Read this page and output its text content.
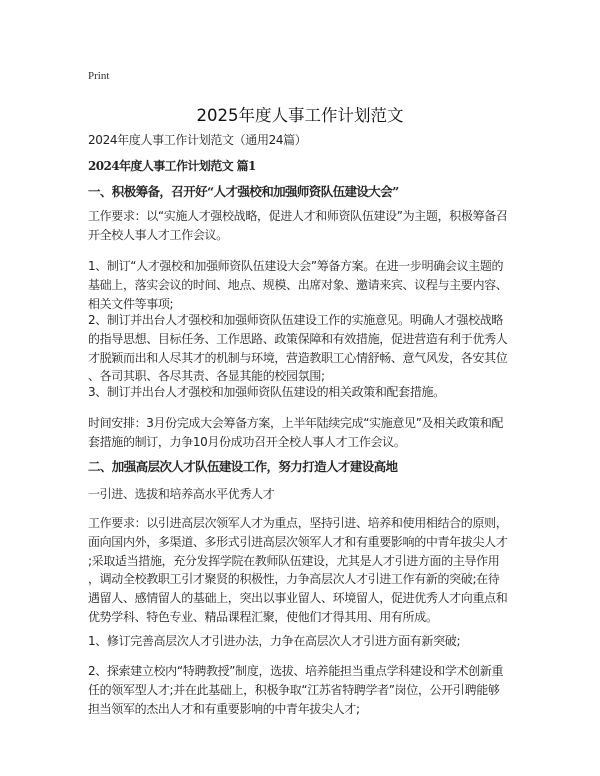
Print
2025年度人事工作计划范文
2024年度人事工作计划范文（通用24篇）
2024年度人事工作计划范文 篇1
一、积极筹备，召开好“人才强校和加强师资队伍建设大会”
工作要求：以“实施人才强校战略，促进人才和师资队伍建设”为主题，积极筹备召
开全校人事人才工作会议。
1、制订“人才强校和加强师资队伍建设大会”筹备方案。在进一步明确会议主题的
基础上，落实会议的时间、地点、规模、出席对象、邀请来宾、议程与主要内容、
相关文件等事项;
2、制订并出台人才强校和加强师资队伍建设工作的实施意见。明确人才强校战略
的指导思想、目标任务、工作思路、政策保障和有效措施，促进营造有利于优秀人
才脱颖而出和人尽其才的机制与环境，营造教职工心情舒畅、意气风发，各安其位
、各司其职、各尽其责、各显其能的校园氛围;
3、制订并出台人才强校和加强师资队伍建设的相关政策和配套措施。
时间安排：3月份完成大会筹备方案，上半年陆续完成“实施意见”及相关政策和配
套措施的制订，力争10月份成功召开全校人事人才工作会议。
二、加强高层次人才队伍建设工作，努力打造人才建设高地
一引进、选拔和培养高水平优秀人才
工作要求：以引进高层次领军人才为重点，坚持引进、培养和使用相结合的原则，
面向国内外，多渠道、多形式引进高层次领军人才和有重要影响的中青年拔尖人才
;采取适当措施，充分发挥学院在教师队伍建设，尤其是人才引进方面的主导作用
，调动全校教职工引才聚贤的积极性，力争高层次人才引进工作有新的突破;在待
遇留人、感情留人的基础上，突出以事业留人、环境留人，促进优秀人才向重点和
优势学科、特色专业、精品课程汇聚，使他们才得其用、用有所成。
1、修订完善高层次人才引进办法，力争在高层次人才引进方面有新突破;
2、探索建立校内“特聘教授”制度，选拔、培养能担当重点学科建设和学术创新重
任的领军型人才;并在此基础上，积极争取“江苏省特聘学者”岗位，公开引聘能够
担当领军的杰出人才和有重要影响的中青年拔尖人才;
